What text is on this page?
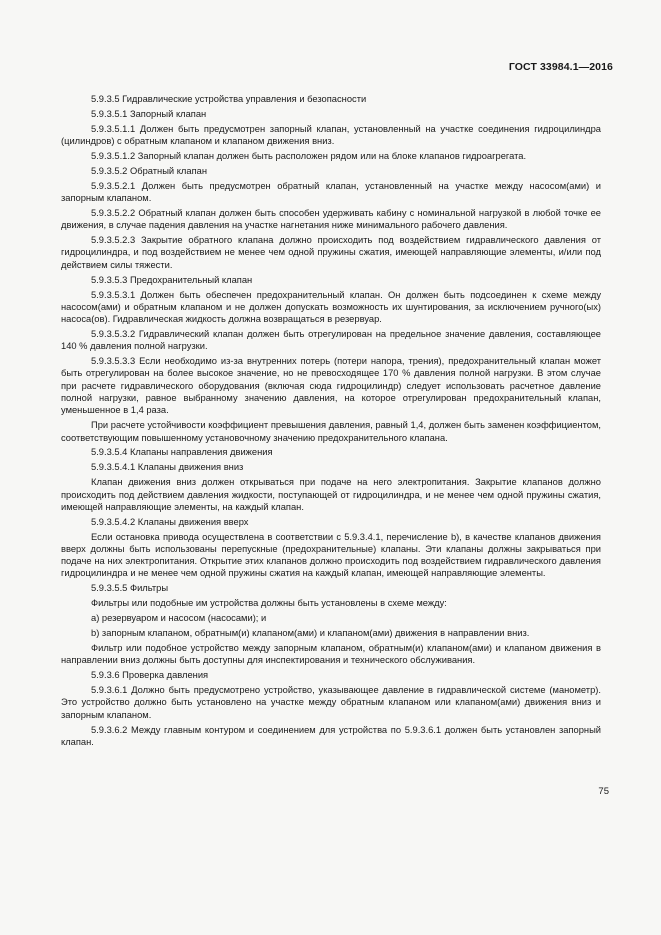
ГОСТ 33984.1—2016

5.9.3.5 Гидравлические устройства управления и безопасности

5.9.3.5.1 Запорный клапан

5.9.3.5.1.1 Должен быть предусмотрен запорный клапан, установленный на участке соединения гидроцилиндра (цилиндров) с обратным клапаном и клапаном движения вниз.

5.9.3.5.1.2 Запорный клапан должен быть расположен рядом или на блоке клапанов гидроагрегата.

5.9.3.5.2 Обратный клапан

5.9.3.5.2.1 Должен быть предусмотрен обратный клапан, установленный на участке между насосом(ами) и запорным клапаном.

5.9.3.5.2.2 Обратный клапан должен быть способен удерживать кабину с номинальной нагрузкой в любой точке ее движения, в случае падения давления на участке нагнетания ниже минимального рабочего давления.

5.9.3.5.2.3 Закрытие обратного клапана должно происходить под воздействием гидравлического давления от гидроцилиндра, и под воздействием не менее чем одной пружины сжатия, имеющей направляющие элементы, и/или под действием силы тяжести.

5.9.3.5.3 Предохранительный клапан

5.9.3.5.3.1 Должен быть обеспечен предохранительный клапан. Он должен быть подсоединен к схеме между насосом(ами) и обратным клапаном и не должен допускать возможность их шунтирования, за исключением ручного(ых) насоса(ов). Гидравлическая жидкость должна возвращаться в резервуар.

5.9.3.5.3.2 Гидравлический клапан должен быть отрегулирован на предельное значение давления, составляющее 140 % давления полной нагрузки.

5.9.3.5.3.3 Если необходимо из-за внутренних потерь (потери напора, трения), предохранительный клапан может быть отрегулирован на более высокое значение, но не превосходящее 170 % давления полной нагрузки. В этом случае при расчете гидравлического оборудования (включая сюда гидроцилиндр) следует использовать расчетное давление полной нагрузки, равное выбранному значению давления, на которое отрегулирован предохранительный клапан, уменьшенное в 1,4 раза.

При расчете устойчивости коэффициент превышения давления, равный 1,4, должен быть заменен коэффициентом, соответствующим повышенному установочному значению предохранительного клапана.

5.9.3.5.4 Клапаны направления движения

5.9.3.5.4.1 Клапаны движения вниз

Клапан движения вниз должен открываться при подаче на него электропитания. Закрытие клапанов должно происходить под действием давления жидкости, поступающей от гидроцилиндра, и не менее чем одной пружины сжатия, имеющей направляющие элементы, на каждый клапан.

5.9.3.5.4.2 Клапаны движения вверх

Если остановка привода осуществлена в соответствии с 5.9.3.4.1, перечисление b), в качестве клапанов движения вверх должны быть использованы перепускные (предохранительные) клапаны. Эти клапаны должны закрываться при подаче на них электропитания. Открытие этих клапанов должно происходить под воздействием гидравлического давления гидроцилиндра и не менее чем одной пружины сжатия на каждый клапан, имеющей направляющие элементы.

5.9.3.5.5 Фильтры

Фильтры или подобные им устройства должны быть установлены в схеме между:

а) резервуаром и насосом (насосами); и

b) запорным клапаном, обратным(и) клапаном(ами) и клапаном(ами) движения в направлении вниз.

Фильтр или подобное устройство между запорным клапаном, обратным(и) клапаном(ами) и клапаном движения в направлении вниз должны быть доступны для инспектирования и технического обслуживания.

5.9.3.6 Проверка давления

5.9.3.6.1 Должно быть предусмотрено устройство, указывающее давление в гидравлической системе (манометр). Это устройство должно быть установлено на участке между обратным клапаном или клапаном(ами) движения вниз и запорным клапаном.

5.9.3.6.2 Между главным контуром и соединением для устройства по 5.9.3.6.1 должен быть установлен запорный клапан.

75
